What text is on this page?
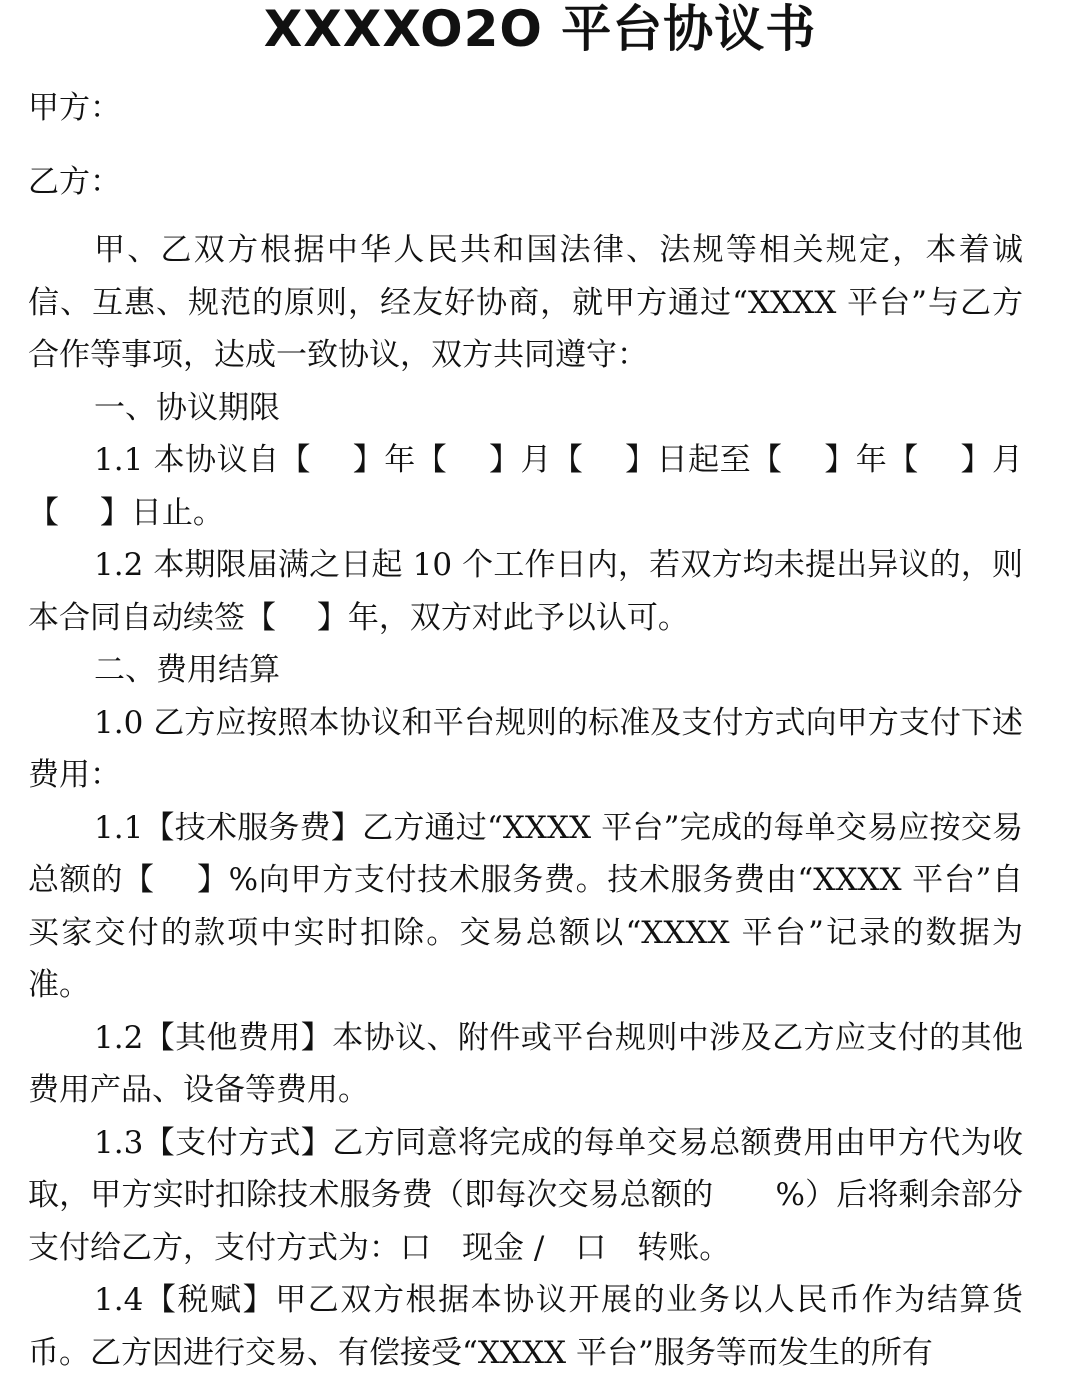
XXXXO2O 平台协议书
甲方：
乙方：

甲、乙双方根据中华人民共和国法律、法规等相关规定，本着诚信、互惠、规范的原则，经友好协商，就甲方通过“XXXX 平台”与乙方合作等事项，达成一致协议，双方共同遵守：

一、协议期限

1.1 本协议自【　 】年【　 】月【　 】日起至【　 】年【　 】月【　 】日止。

1.2 本期限届满之日起 10 个工作日内，若双方均未提出异议的，则本合同自动续签【　 】年，双方对此予以认可。

二、费用结算

1.0 乙方应按照本协议和平台规则的标准及支付方式向甲方支付下述费用：

1.1【技术服务费】乙方通过“XXXX 平台”完成的每单交易应按交易总额的【　 】%向甲方支付技术服务费。技术服务费由“XXXX 平台”自买家交付的款项中实时扣除。交易总额以“XXXX 平台”记录的数据为准。

1.2【其他费用】本协议、附件或平台规则中涉及乙方应支付的其他费用产品、设备等费用。

1.3【支付方式】乙方同意将完成的每单交易总额费用由甲方代为收取，甲方实时扣除技术服务费（即每次交易总额的　　%）后将剩余部分支付给乙方，支付方式为：口　现金 /　口　转账。

1.4【税赋】甲乙双方根据本协议开展的业务以人民币作为结算货币。乙方因进行交易、有偿接受“XXXX 平台”服务等而发生的所有
